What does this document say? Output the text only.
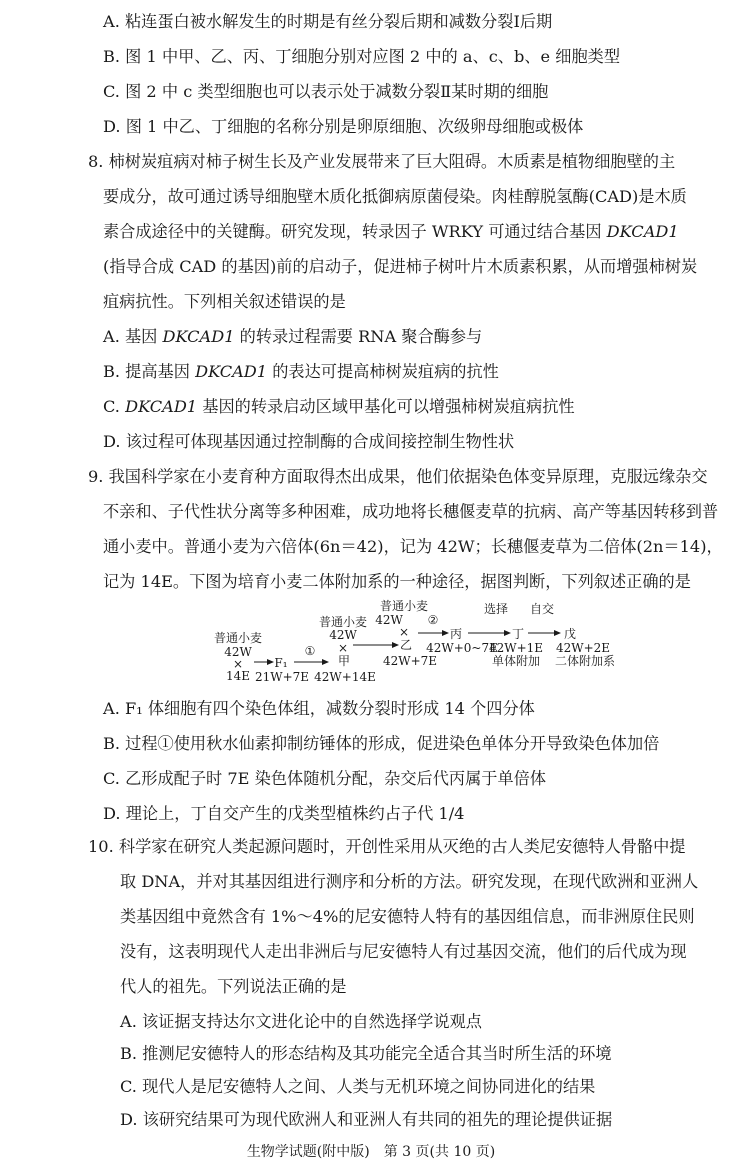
A. 粘连蛋白被水解发生的时期是有丝分裂后期和减数分裂Ⅰ后期
B. 图 1 中甲、乙、丙、丁细胞分别对应图 2 中的 a、c、b、e 细胞类型
C. 图 2 中 c 类型细胞也可以表示处于减数分裂Ⅱ某时期的细胞
D. 图 1 中乙、丁细胞的名称分别是卵原细胞、次级卵母细胞或极体
8. 柿树炭疽病对柿子树生长及产业发展带来了巨大阻碍。木质素是植物细胞壁的主
要成分，故可通过诱导细胞壁木质化抵御病原菌侵染。肉桂醇脱氢酶(CAD)是木质
素合成途径中的关键酶。研究发现，转录因子 WRKY 可通过结合基因 DKCAD1
(指导合成 CAD 的基因)前的启动子，促进柿子树叶片木质素积累，从而增强柿树炭
疽病抗性。下列相关叙述错误的是
A. 基因 DKCAD1 的转录过程需要 RNA 聚合酶参与
B. 提高基因 DKCAD1 的表达可提高柿树炭疽病的抗性
C. DKCAD1 基因的转录启动区域甲基化可以增强柿树炭疽病抗性
D. 该过程可体现基因通过控制酶的合成间接控制生物性状
9. 我国科学家在小麦育种方面取得杰出成果，他们依据染色体变异原理，克服远缘杂交
不亲和、子代性状分离等多种困难，成功地将长穗偃麦草的抗病、高产等基因转移到普
通小麦中。普通小麦为六倍体(6n＝42)，记为 42W；长穗偃麦草为二倍体(2n＝14)，
记为 14E。下图为培育小麦二体附加系的一种途径，据图判断，下列叙述正确的是
普通小麦
42W
×
14E
F₁
21W+7E
①
普通小麦
42W
×
甲
42W+14E
普通小麦
42W ②
×
乙
42W+7E
丙
42W+0~7E
选择
丁
42W+1E
单体附加
自交
戊
42W+2E
二体附加系
A. F₁ 体细胞有四个染色体组，减数分裂时形成 14 个四分体
B. 过程①使用秋水仙素抑制纺锤体的形成，促进染色单体分开导致染色体加倍
C. 乙形成配子时 7E 染色体随机分配，杂交后代丙属于单倍体
D. 理论上，丁自交产生的戊类型植株约占子代 1/4
10. 科学家在研究人类起源问题时，开创性采用从灭绝的古人类尼安德特人骨骼中提
取 DNA，并对其基因组进行测序和分析的方法。研究发现，在现代欧洲和亚洲人
类基因组中竟然含有 1%～4%的尼安德特人特有的基因组信息，而非洲原住民则
没有，这表明现代人走出非洲后与尼安德特人有过基因交流，他们的后代成为现
代人的祖先。下列说法正确的是
A. 该证据支持达尔文进化论中的自然选择学说观点
B. 推测尼安德特人的形态结构及其功能完全适合其当时所生活的环境
C. 现代人是尼安德特人之间、人类与无机环境之间协同进化的结果
D. 该研究结果可为现代欧洲人和亚洲人有共同的祖先的理论提供证据
生物学试题(附中版)　第 3 页(共 10 页)
